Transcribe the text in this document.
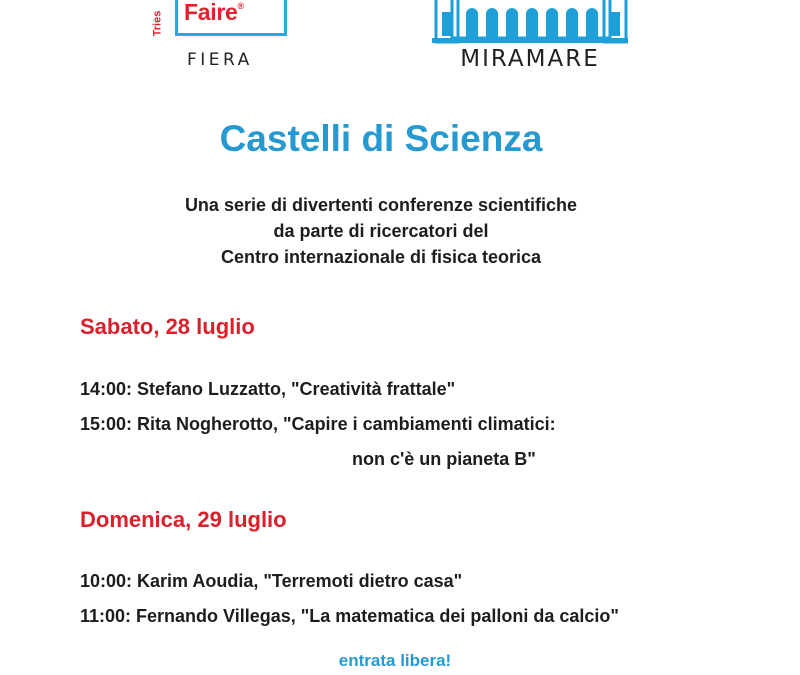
Tries Faire®
FIERA	MIRAMARE
Castelli di Scienza
Una serie di divertenti conferenze scientifiche
da parte di ricercatori del
Centro internazionale di fisica teorica
Sabato, 28 luglio
14:00: Stefano Luzzatto, "Creatività frattale"
15:00: Rita Nogherotto, "Capire i cambiamenti climatici:
non c'è un pianeta B"
Domenica, 29 luglio
10:00: Karim Aoudia, "Terremoti dietro casa"
11:00: Fernando Villegas, "La matematica dei palloni da calcio"
entrata libera!
